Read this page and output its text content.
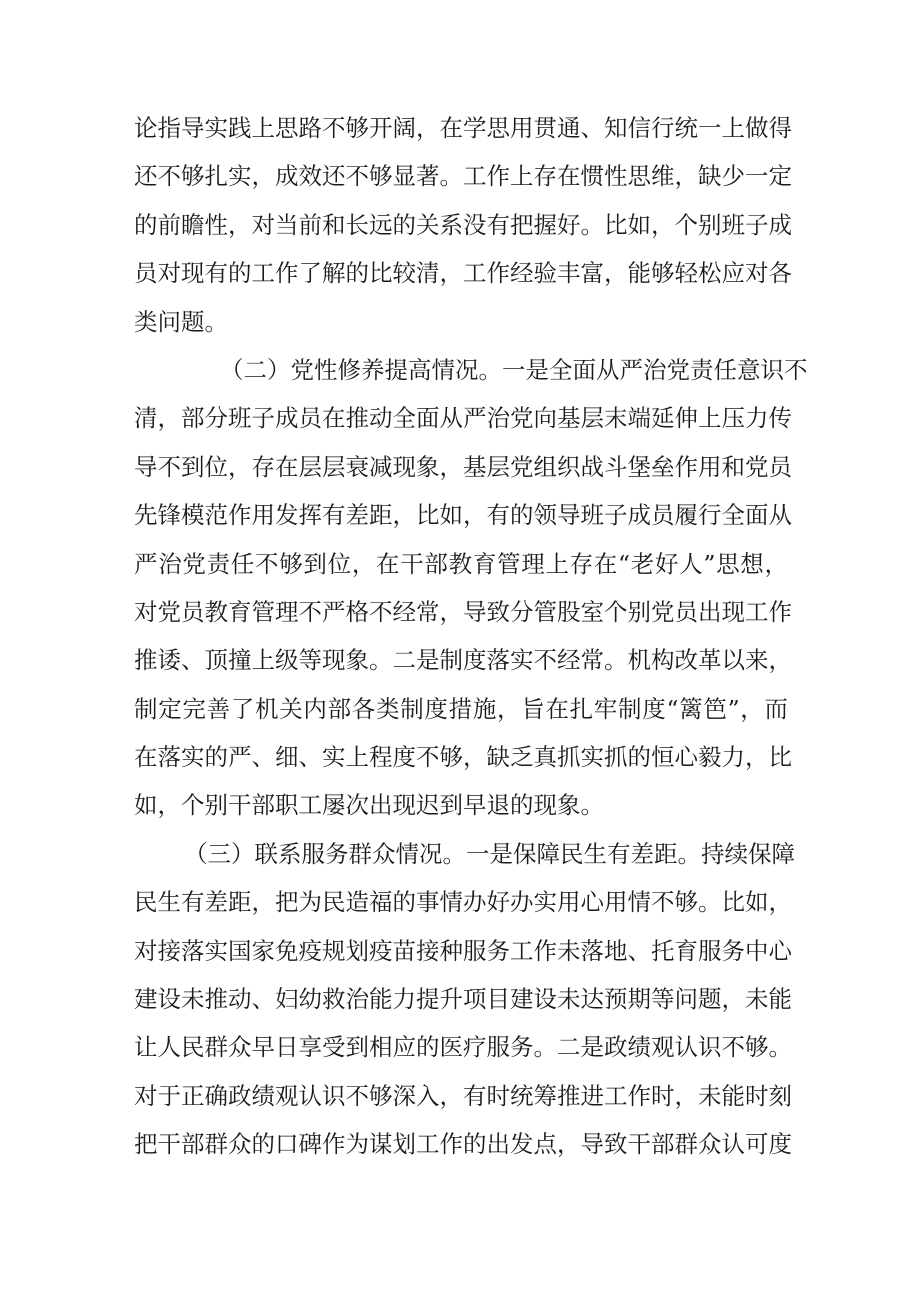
论指导实践上思路不够开阔，在学思用贯通、知信行统一上做得
还不够扎实，成效还不够显著。工作上存在惯性思维，缺少一定
的前瞻性，对当前和长远的关系没有把握好。比如，个别班子成
员对现有的工作了解的比较清，工作经验丰富，能够轻松应对各
类问题。
（二）党性修养提高情况。一是全面从严治党责任意识不
清，部分班子成员在推动全面从严治党向基层末端延伸上压力传
导不到位，存在层层衰减现象，基层党组织战斗堡垒作用和党员
先锋模范作用发挥有差距，比如，有的领导班子成员履行全面从
严治党责任不够到位，在干部教育管理上存在“老好人”思想，
对党员教育管理不严格不经常，导致分管股室个别党员出现工作
推诿、顶撞上级等现象。二是制度落实不经常。机构改革以来，
制定完善了机关内部各类制度措施，旨在扎牢制度“篱笆”，而
在落实的严、细、实上程度不够，缺乏真抓实抓的恒心毅力，比
如，个别干部职工屡次出现迟到早退的现象。
（三）联系服务群众情况。一是保障民生有差距。持续保障
民生有差距，把为民造福的事情办好办实用心用情不够。比如，
对接落实国家免疫规划疫苗接种服务工作未落地、托育服务中心
建设未推动、妇幼救治能力提升项目建设未达预期等问题，未能
让人民群众早日享受到相应的医疗服务。二是政绩观认识不够。
对于正确政绩观认识不够深入，有时统筹推进工作时，未能时刻
把干部群众的口碑作为谋划工作的出发点，导致干部群众认可度
